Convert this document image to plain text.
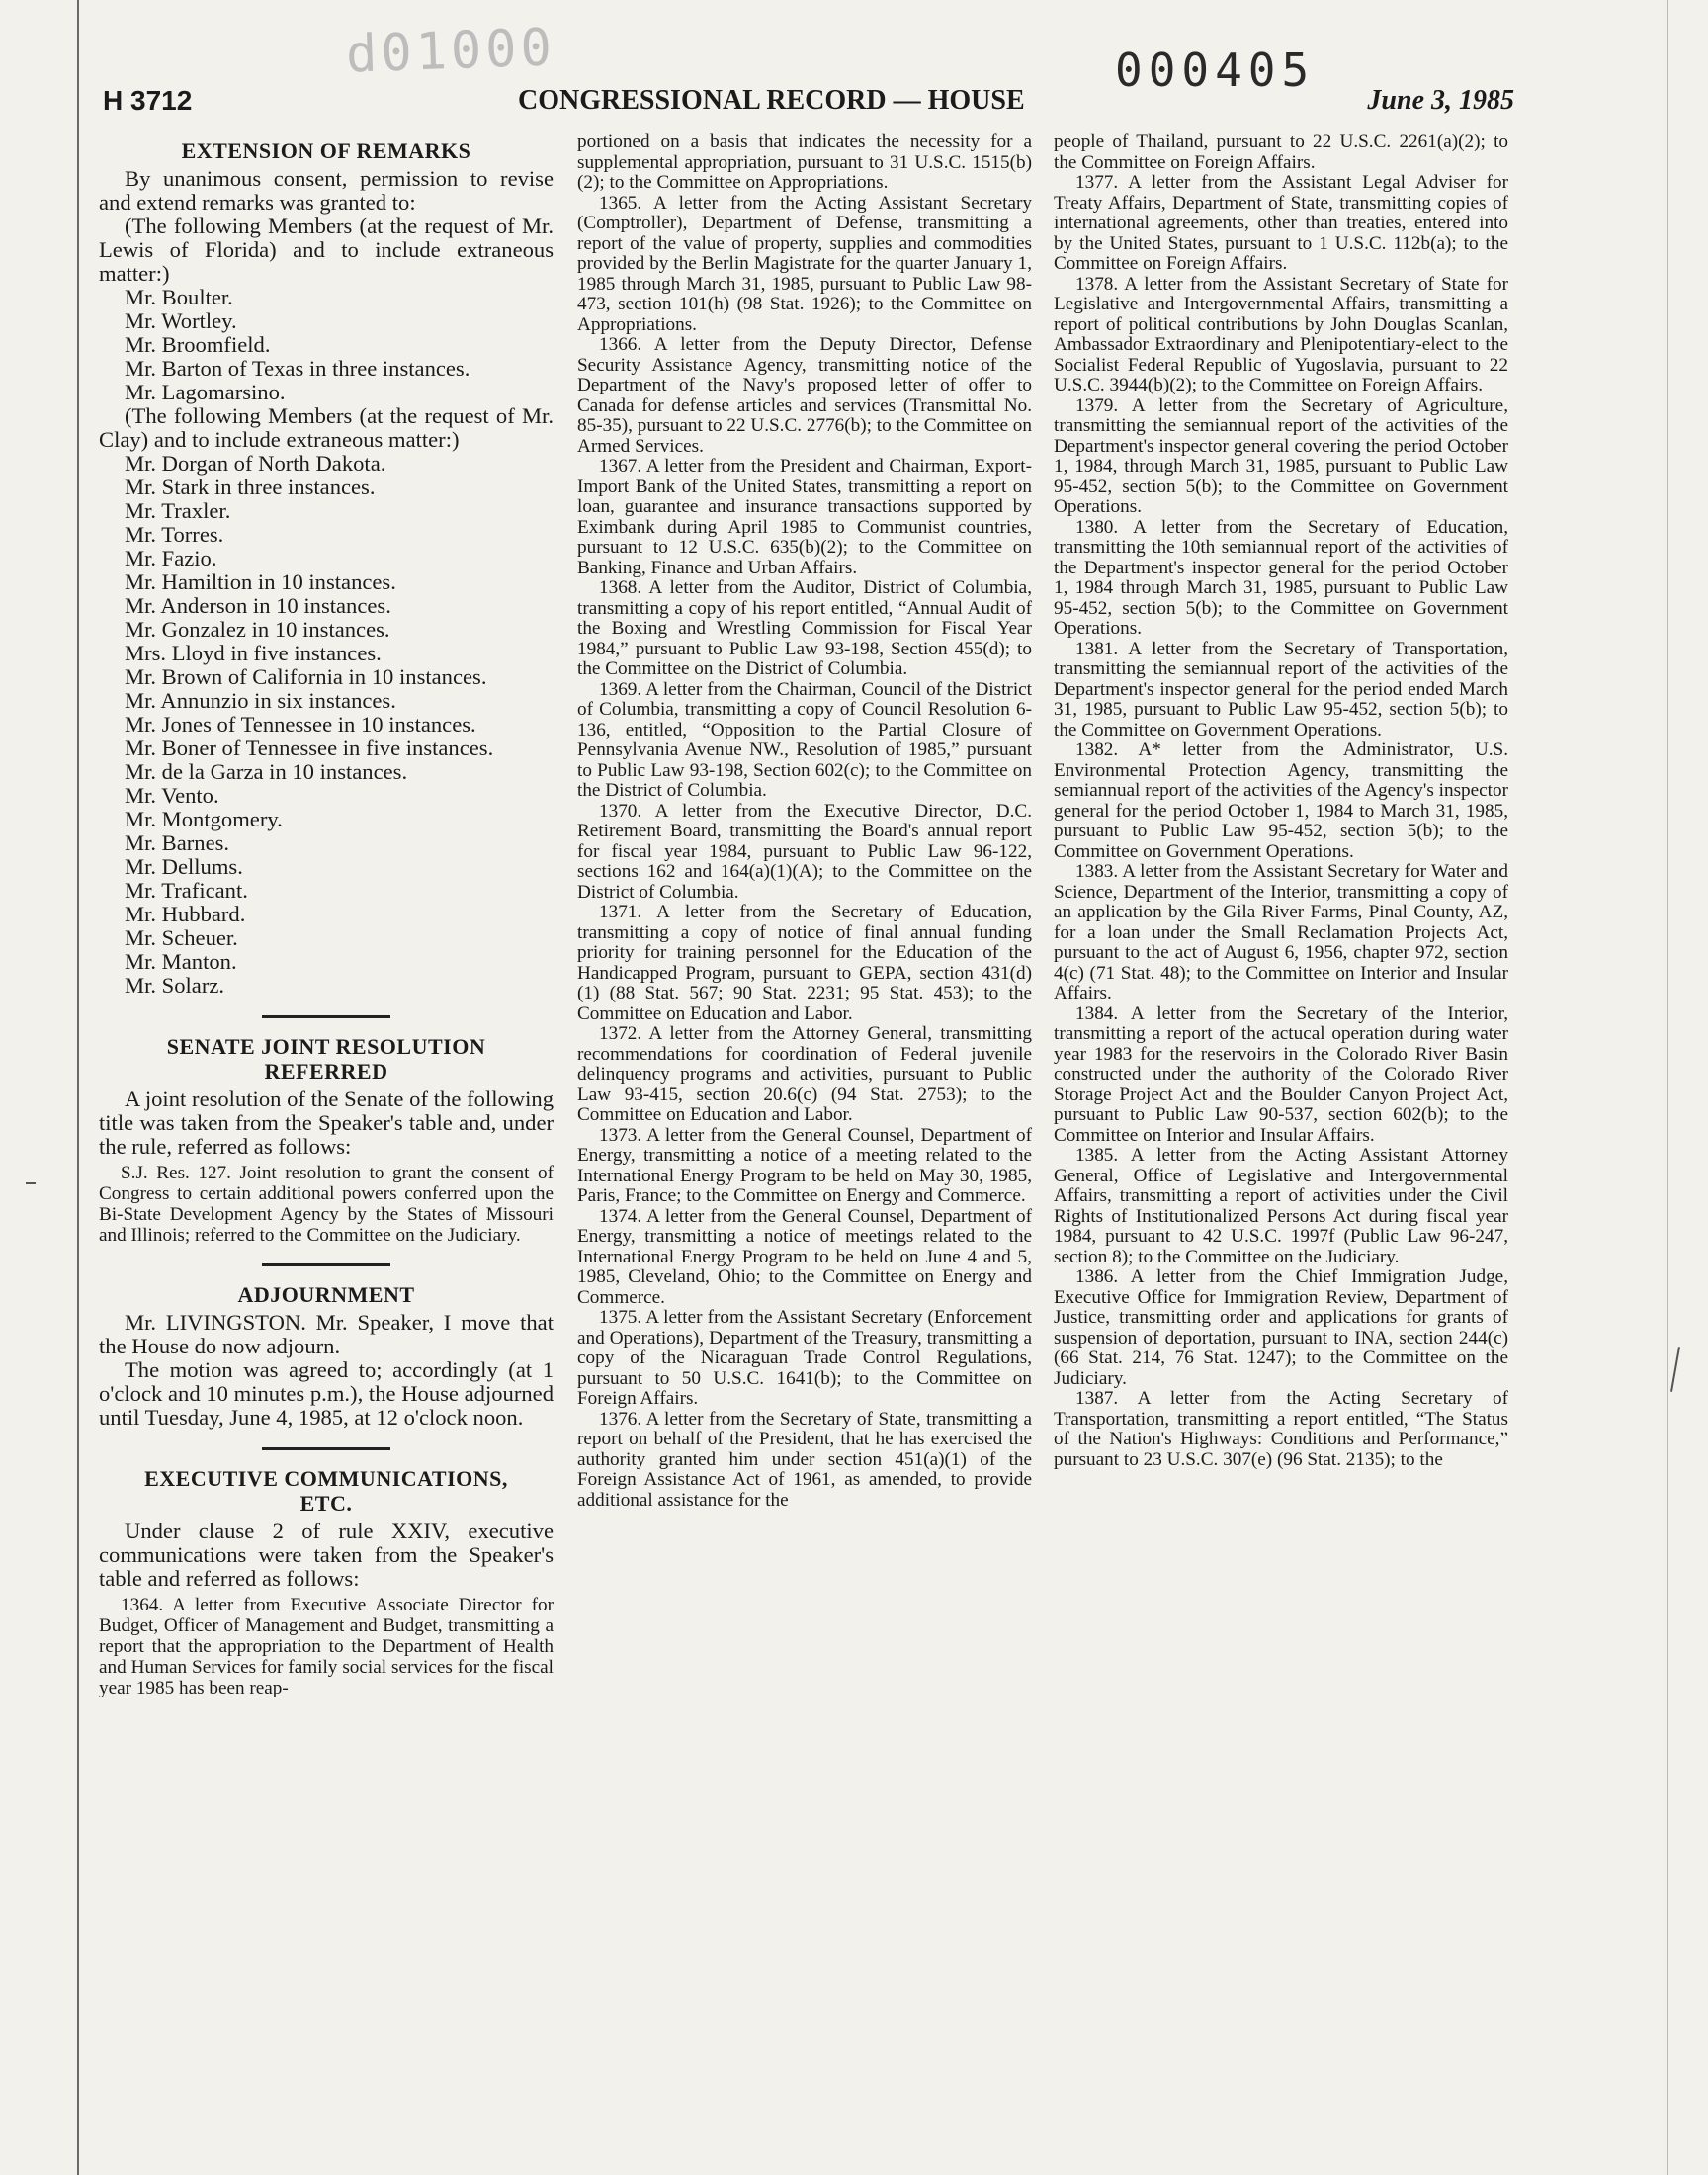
d01000	000405
H 3712	CONGRESSIONAL RECORD — HOUSE	June 3, 1985
EXTENSION OF REMARKS

By unanimous consent, permission to revise and extend remarks was granted to:

(The following Members (at the request of Mr. Lewis of Florida) and to include extraneous matter:)

Mr. Boulter.

Mr. Wortley.

Mr. Broomfield.

Mr. Barton of Texas in three instances.

Mr. Lagomarsino.

(The following Members (at the request of Mr. Clay) and to include extraneous matter:)

Mr. Dorgan of North Dakota.

Mr. Stark in three instances.

Mr. Traxler.

Mr. Torres.

Mr. Fazio.

Mr. Hamiltion in 10 instances.

Mr. Anderson in 10 instances.

Mr. Gonzalez in 10 instances.

Mrs. Lloyd in five instances.

Mr. Brown of California in 10 instances.

Mr. Annunzio in six instances.

Mr. Jones of Tennessee in 10 instances.

Mr. Boner of Tennessee in five instances.

Mr. de la Garza in 10 instances.

Mr. Vento.

Mr. Montgomery.

Mr. Barnes.

Mr. Dellums.

Mr. Traficant.

Mr. Hubbard.

Mr. Scheuer.

Mr. Manton.

Mr. Solarz.

SENATE JOINT RESOLUTION REFERRED

A joint resolution of the Senate of the following title was taken from the Speaker's table and, under the rule, referred as follows:

S.J. Res. 127. Joint resolution to grant the consent of Congress to certain additional powers conferred upon the Bi-State Development Agency by the States of Missouri and Illinois; referred to the Committee on the Judiciary.

ADJOURNMENT

Mr. LIVINGSTON. Mr. Speaker, I move that the House do now adjourn.

The motion was agreed to; accordingly (at 1 o'clock and 10 minutes p.m.), the House adjourned until Tuesday, June 4, 1985, at 12 o'clock noon.

EXECUTIVE COMMUNICATIONS, ETC.

Under clause 2 of rule XXIV, executive communications were taken from the Speaker's table and referred as follows:

1364. A letter from Executive Associate Director for Budget, Officer of Management and Budget, transmitting a report that the appropriation to the Department of Health and Human Services for family social services for the fiscal year 1985 has been reap-

portioned on a basis that indicates the necessity for a supplemental appropriation, pursuant to 31 U.S.C. 1515(b)(2); to the Committee on Appropriations.

1365. A letter from the Acting Assistant Secretary (Comptroller), Department of Defense, transmitting a report of the value of property, supplies and commodities provided by the Berlin Magistrate for the quarter January 1, 1985 through March 31, 1985, pursuant to Public Law 98-473, section 101(h) (98 Stat. 1926); to the Committee on Appropriations.

1366. A letter from the Deputy Director, Defense Security Assistance Agency, transmitting notice of the Department of the Navy's proposed letter of offer to Canada for defense articles and services (Transmittal No. 85-35), pursuant to 22 U.S.C. 2776(b); to the Committee on Armed Services.

1367. A letter from the President and Chairman, Export-Import Bank of the United States, transmitting a report on loan, guarantee and insurance transactions supported by Eximbank during April 1985 to Communist countries, pursuant to 12 U.S.C. 635(b)(2); to the Committee on Banking, Finance and Urban Affairs.

1368. A letter from the Auditor, District of Columbia, transmitting a copy of his report entitled, “Annual Audit of the Boxing and Wrestling Commission for Fiscal Year 1984,” pursuant to Public Law 93-198, Section 455(d); to the Committee on the District of Columbia.

1369. A letter from the Chairman, Council of the District of Columbia, transmitting a copy of Council Resolution 6-136, entitled, “Opposition to the Partial Closure of Pennsylvania Avenue NW., Resolution of 1985,” pursuant to Public Law 93-198, Section 602(c); to the Committee on the District of Columbia.

1370. A letter from the Executive Director, D.C. Retirement Board, transmitting the Board's annual report for fiscal year 1984, pursuant to Public Law 96-122, sections 162 and 164(a)(1)(A); to the Committee on the District of Columbia.

1371. A letter from the Secretary of Education, transmitting a copy of notice of final annual funding priority for training personnel for the Education of the Handicapped Program, pursuant to GEPA, section 431(d)(1) (88 Stat. 567; 90 Stat. 2231; 95 Stat. 453); to the Committee on Education and Labor.

1372. A letter from the Attorney General, transmitting recommendations for coordination of Federal juvenile delinquency programs and activities, pursuant to Public Law 93-415, section 20.6(c) (94 Stat. 2753); to the Committee on Education and Labor.

1373. A letter from the General Counsel, Department of Energy, transmitting a notice of a meeting related to the International Energy Program to be held on May 30, 1985, Paris, France; to the Committee on Energy and Commerce.

1374. A letter from the General Counsel, Department of Energy, transmitting a notice of meetings related to the International Energy Program to be held on June 4 and 5, 1985, Cleveland, Ohio; to the Committee on Energy and Commerce.

1375. A letter from the Assistant Secretary (Enforcement and Operations), Department of the Treasury, transmitting a copy of the Nicaraguan Trade Control Regulations, pursuant to 50 U.S.C. 1641(b); to the Committee on Foreign Affairs.

1376. A letter from the Secretary of State, transmitting a report on behalf of the President, that he has exercised the authority granted him under section 451(a)(1) of the Foreign Assistance Act of 1961, as amended, to provide additional assistance for the

people of Thailand, pursuant to 22 U.S.C. 2261(a)(2); to the Committee on Foreign Affairs.

1377. A letter from the Assistant Legal Adviser for Treaty Affairs, Department of State, transmitting copies of international agreements, other than treaties, entered into by the United States, pursuant to 1 U.S.C. 112b(a); to the Committee on Foreign Affairs.

1378. A letter from the Assistant Secretary of State for Legislative and Intergovernmental Affairs, transmitting a report of political contributions by John Douglas Scanlan, Ambassador Extraordinary and Plenipotentiary-elect to the Socialist Federal Republic of Yugoslavia, pursuant to 22 U.S.C. 3944(b)(2); to the Committee on Foreign Affairs.

1379. A letter from the Secretary of Agriculture, transmitting the semiannual report of the activities of the Department's inspector general covering the period October 1, 1984, through March 31, 1985, pursuant to Public Law 95-452, section 5(b); to the Committee on Government Operations.

1380. A letter from the Secretary of Education, transmitting the 10th semiannual report of the activities of the Department's inspector general for the period October 1, 1984 through March 31, 1985, pursuant to Public Law 95-452, section 5(b); to the Committee on Government Operations.

1381. A letter from the Secretary of Transportation, transmitting the semiannual report of the activities of the Department's inspector general for the period ended March 31, 1985, pursuant to Public Law 95-452, section 5(b); to the Committee on Government Operations.

1382. A* letter from the Administrator, U.S. Environmental Protection Agency, transmitting the semiannual report of the activities of the Agency's inspector general for the period October 1, 1984 to March 31, 1985, pursuant to Public Law 95-452, section 5(b); to the Committee on Government Operations.

1383. A letter from the Assistant Secretary for Water and Science, Department of the Interior, transmitting a copy of an application by the Gila River Farms, Pinal County, AZ, for a loan under the Small Reclamation Projects Act, pursuant to the act of August 6, 1956, chapter 972, section 4(c) (71 Stat. 48); to the Committee on Interior and Insular Affairs.

1384. A letter from the Secretary of the Interior, transmitting a report of the actucal operation during water year 1983 for the reservoirs in the Colorado River Basin constructed under the authority of the Colorado River Storage Project Act and the Boulder Canyon Project Act, pursuant to Public Law 90-537, section 602(b); to the Committee on Interior and Insular Affairs.

1385. A letter from the Acting Assistant Attorney General, Office of Legislative and Intergovernmental Affairs, transmitting a report of activities under the Civil Rights of Institutionalized Persons Act during fiscal year 1984, pursuant to 42 U.S.C. 1997f (Public Law 96-247, section 8); to the Committee on the Judiciary.

1386. A letter from the Chief Immigration Judge, Executive Office for Immigration Review, Department of Justice, transmitting order and applications for grants of suspension of deportation, pursuant to INA, section 244(c) (66 Stat. 214, 76 Stat. 1247); to the Committee on the Judiciary.

1387. A letter from the Acting Secretary of Transportation, transmitting a report entitled, “The Status of the Nation's Highways: Conditions and Performance,” pursuant to 23 U.S.C. 307(e) (96 Stat. 2135); to the
